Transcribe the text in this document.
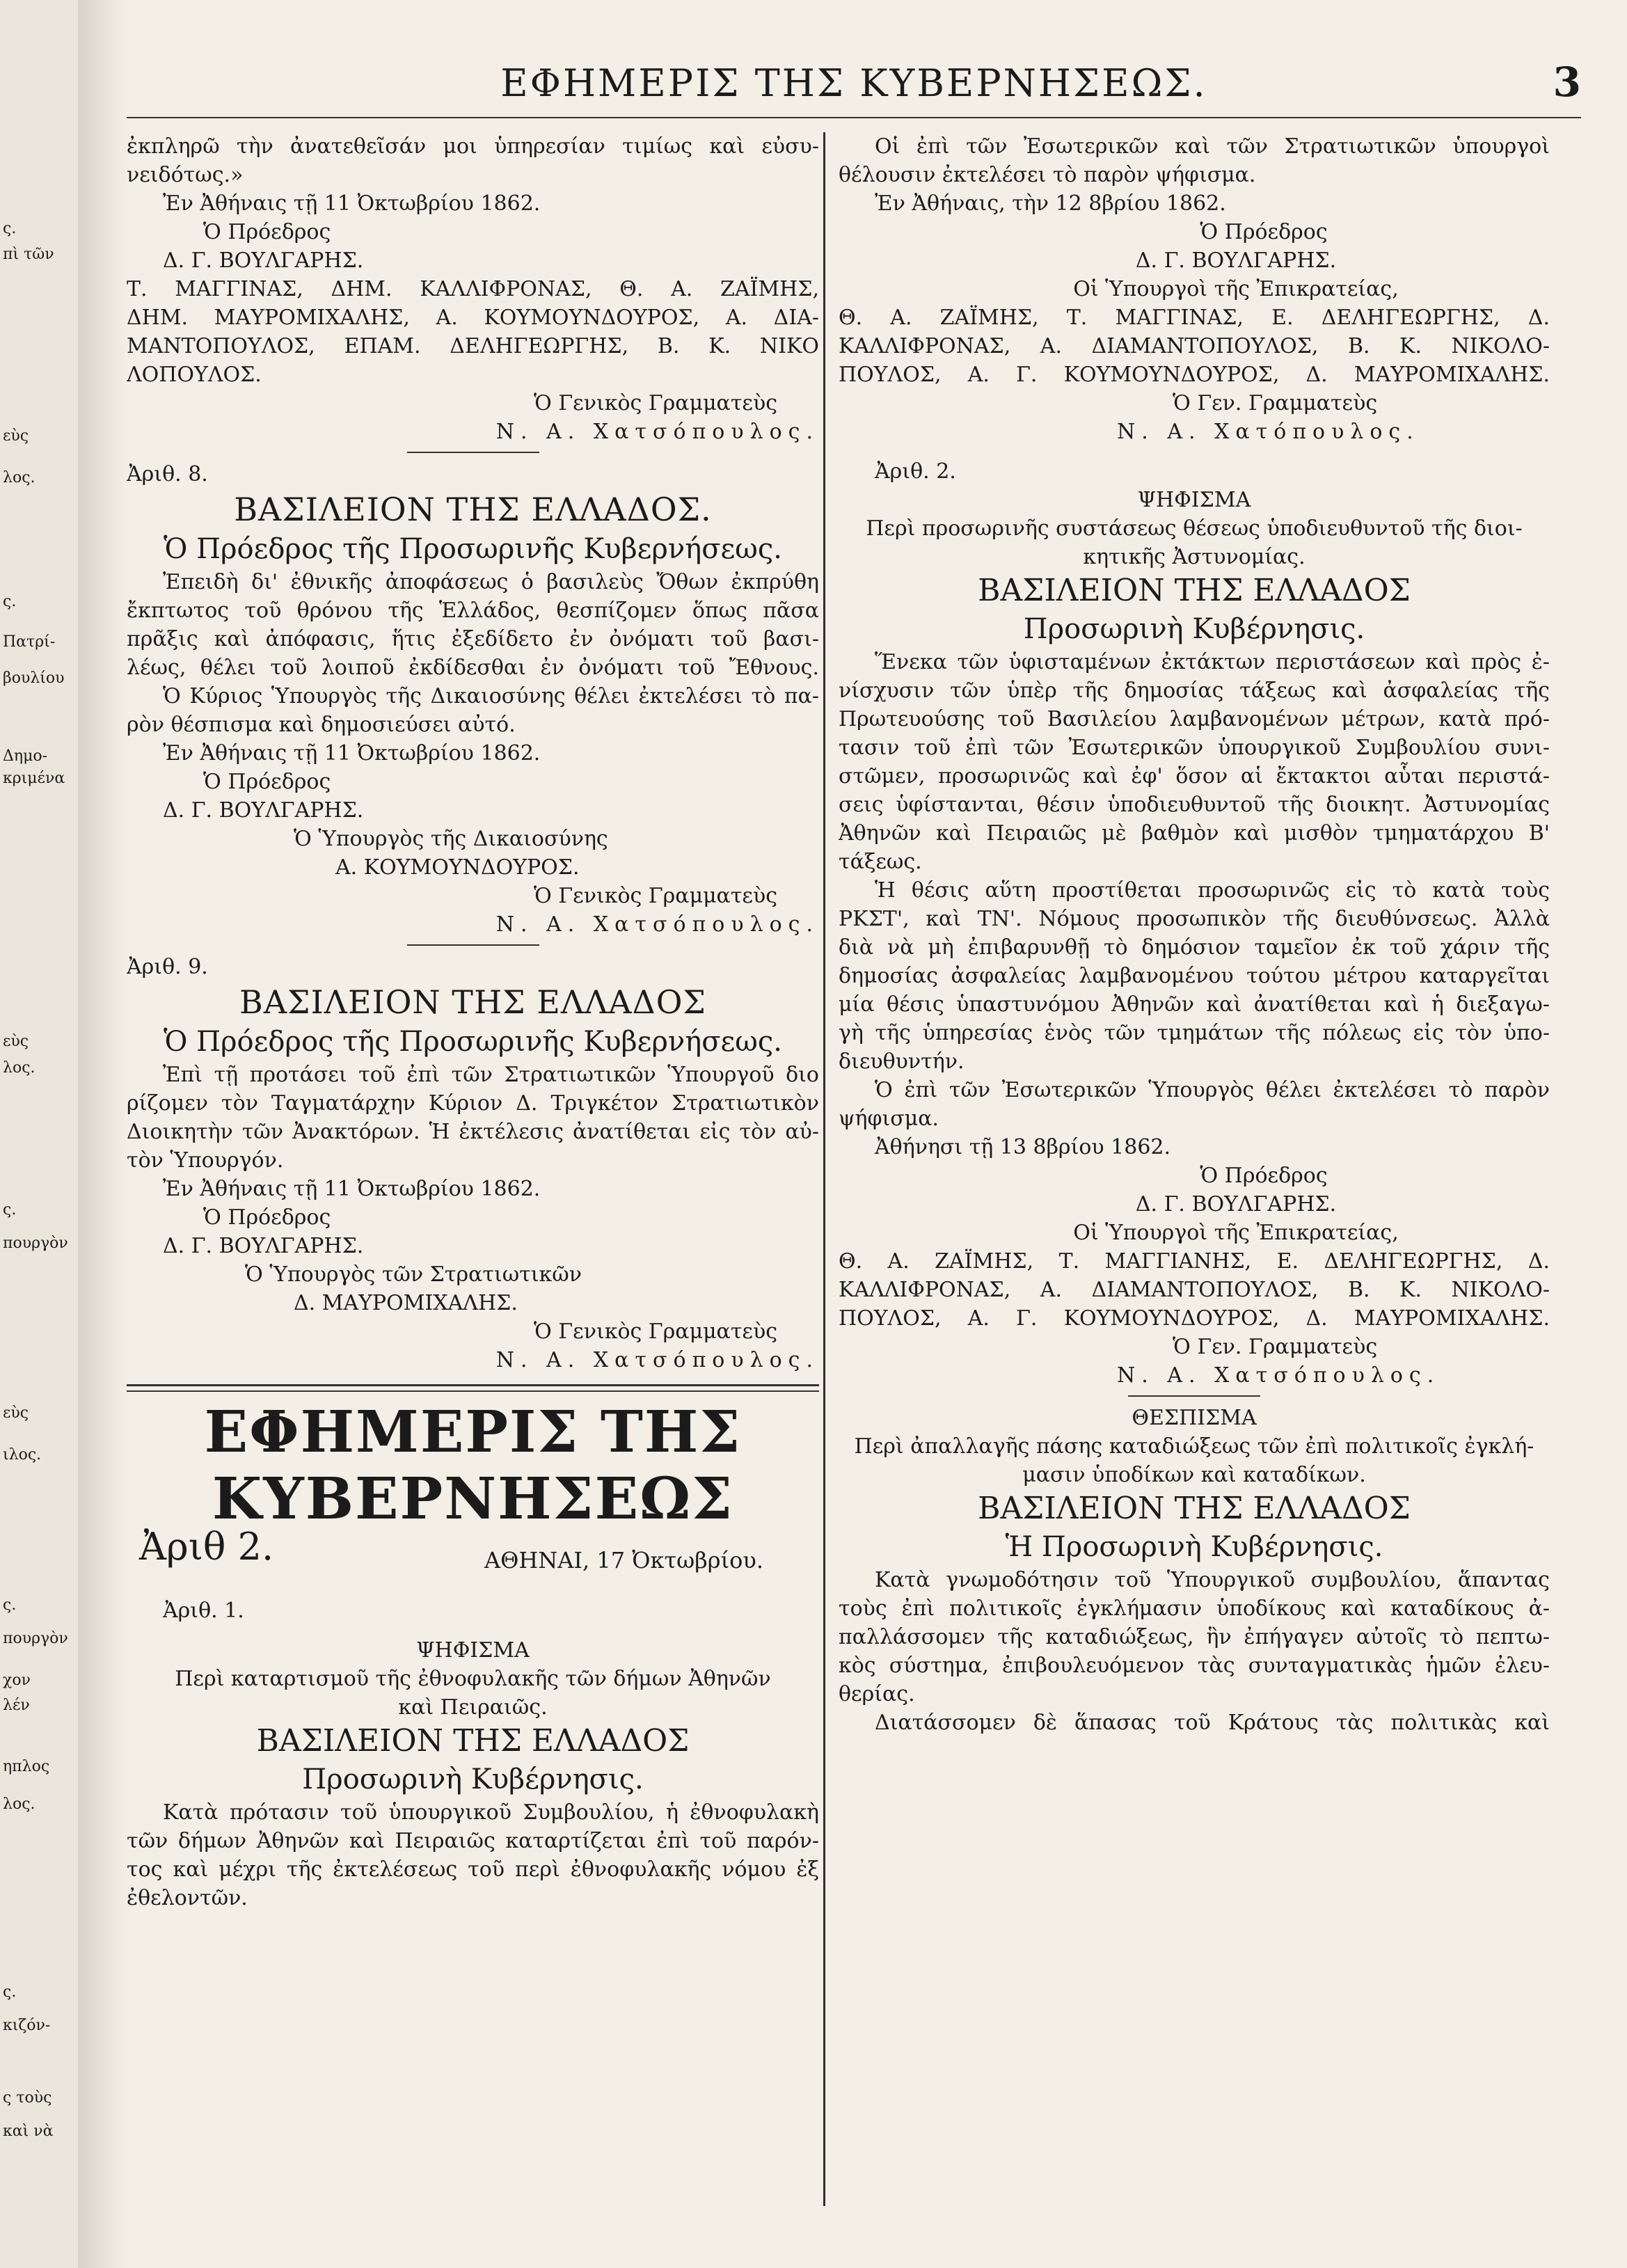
ς.
πὶ τῶν
εὺς
λος.
ς.
Πατρί-
βουλίου
Δημο-
κριμένα
εὺς
λος.
ς.
πουργὸν
εὺς
ιλος.
ς.
πουργὸν
χον
λέν
ηπλος
λος.
ς.
κιζόν-
ς τοὺς
καὶ νὰ
ΕΦΗΜΕΡΙΣ ΤΗΣ ΚΥΒΕΡΝΗΣΕΩΣ.	3
ἐκπληρῶ τὴν ἀνατεθεῖσάν μοι ὑπηρεσίαν τιμίως καὶ εὐσυ-
νειδότως.»
Ἐν Ἀθήναις τῇ 11 Ὀκτωβρίου 1862.
Ὁ Πρόεδρος
Δ. Γ. ΒΟΥΛΓΑΡΗΣ.
Τ. ΜΑΓΓΙΝΑΣ, ΔΗΜ. ΚΑΛΛΙΦΡΟΝΑΣ, Θ. Α. ΖΑΪΜΗΣ,
ΔΗΜ. ΜΑΥΡΟΜΙΧΑΛΗΣ, Α. ΚΟΥΜΟΥΝΔΟΥΡΟΣ, Α. ΔΙΑ-
ΜΑΝΤΟΠΟΥΛΟΣ, ΕΠΑΜ. ΔΕΛΗΓΕΩΡΓΗΣ, Β. Κ. ΝΙΚΟ
ΛΟΠΟΥΛΟΣ.
Ὁ Γενικὸς Γραμματεὺς
Ν. Α. Χατσόπουλος.
Ἀριθ. 8.
ΒΑΣΙΛΕΙΟΝ ΤΗΣ ΕΛΛΑΔΟΣ.
Ὁ Πρόεδρος τῆς Προσωρινῆς Κυβερνήσεως.
Ἐπειδὴ δι' ἐθνικῆς ἀποφάσεως ὁ βασιλεὺς Ὄθων ἐκπρύθη
ἔκπτωτος τοῦ θρόνου τῆς Ἑλλάδος, θεσπίζομεν ὅπως πᾶσα
πρᾶξις καὶ ἀπόφασις, ἥτις ἐξεδίδετο ἐν ὀνόματι τοῦ βασι-
λέως, θέλει τοῦ λοιποῦ ἐκδίδεσθαι ἐν ὀνόματι τοῦ Ἔθνους.
Ὁ Κύριος Ὑπουργὸς τῆς Δικαιοσύνης θέλει ἐκτελέσει τὸ πα-
ρὸν θέσπισμα καὶ δημοσιεύσει αὐτό.
Ἐν Ἀθήναις τῇ 11 Ὀκτωβρίου 1862.
Ὁ Πρόεδρος
Δ. Γ. ΒΟΥΛΓΑΡΗΣ.
Ὁ Ὑπουργὸς τῆς Δικαιοσύνης
Α. ΚΟΥΜΟΥΝΔΟΥΡΟΣ.
Ὁ Γενικὸς Γραμματεὺς
Ν. Α. Χατσόπουλος.
Ἀριθ. 9.
ΒΑΣΙΛΕΙΟΝ ΤΗΣ ΕΛΛΑΔΟΣ
Ὁ Πρόεδρος τῆς Προσωρινῆς Κυβερνήσεως.
Ἐπὶ τῇ προτάσει τοῦ ἐπὶ τῶν Στρατιωτικῶν Ὑπουργοῦ διο
ρίζομεν τὸν Ταγματάρχην Κύριον Δ. Τριγκέτον Στρατιωτικὸν
Διοικητὴν τῶν Ἀνακτόρων. Ἡ ἐκτέλεσις ἀνατίθεται εἰς τὸν αὐ-
τὸν Ὑπουργόν.
Ἐν Ἀθήναις τῇ 11 Ὀκτωβρίου 1862.
Ὁ Πρόεδρος
Δ. Γ. ΒΟΥΛΓΑΡΗΣ.
Ὁ Ὑπουργὸς τῶν Στρατιωτικῶν
Δ. ΜΑΥΡΟΜΙΧΑΛΗΣ.
Ὁ Γενικὸς Γραμματεὺς
Ν. Α. Χατσόπουλος.
ΕΦΗΜΕΡΙΣ ΤΗΣ ΚΥΒΕΡΝΗΣΕΩΣ
Ἀριθ 2.	ΑΘΗΝΑΙ, 17 Ὀκτωβρίου.
Ἀριθ. 1.
ΨΗΦΙΣΜΑ
Περὶ καταρτισμοῦ τῆς ἐθνοφυλακῆς τῶν δήμων Ἀθηνῶν
καὶ Πειραιῶς.
ΒΑΣΙΛΕΙΟΝ ΤΗΣ ΕΛΛΑΔΟΣ
Προσωρινὴ Κυβέρνησις.
Κατὰ πρότασιν τοῦ ὑπουργικοῦ Συμβουλίου, ἡ ἐθνοφυλακὴ
τῶν δήμων Ἀθηνῶν καὶ Πειραιῶς καταρτίζεται ἐπὶ τοῦ παρόν-
τος καὶ μέχρι τῆς ἐκτελέσεως τοῦ περὶ ἐθνοφυλακῆς νόμου ἐξ
ἐθελοντῶν.
Οἱ ἐπὶ τῶν Ἐσωτερικῶν καὶ τῶν Στρατιωτικῶν ὑπουργοὶ
θέλουσιν ἐκτελέσει τὸ παρὸν ψήφισμα.
Ἐν Ἀθήναις, τὴν 12 8βρίου 1862.
Ὁ Πρόεδρος
Δ. Γ. ΒΟΥΛΓΑΡΗΣ.
Οἱ Ὑπουργοὶ τῆς Ἐπικρατείας,
Θ. Α. ΖΑΪΜΗΣ, Τ. ΜΑΓΓΙΝΑΣ, Ε. ΔΕΛΗΓΕΩΡΓΗΣ, Δ.
ΚΑΛΛΙΦΡΟΝΑΣ, Α. ΔΙΑΜΑΝΤΟΠΟΥΛΟΣ, Β. Κ. ΝΙΚΟΛΟ-
ΠΟΥΛΟΣ, Α. Γ. ΚΟΥΜΟΥΝΔΟΥΡΟΣ, Δ. ΜΑΥΡΟΜΙΧΑΛΗΣ.
Ὁ Γεν. Γραμματεὺς
Ν. Α. Χατόπουλος.
Ἀριθ. 2.
ΨΗΦΙΣΜΑ
Περὶ προσωρινῆς συστάσεως θέσεως ὑποδιευθυντοῦ τῆς διοι-
κητικῆς Ἀστυνομίας.
ΒΑΣΙΛΕΙΟΝ ΤΗΣ ΕΛΛΑΔΟΣ
Προσωρινὴ Κυβέρνησις.
Ἕνεκα τῶν ὑφισταμένων ἐκτάκτων περιστάσεων καὶ πρὸς ἐ-
νίσχυσιν τῶν ὑπὲρ τῆς δημοσίας τάξεως καὶ ἀσφαλείας τῆς
Πρωτευούσης τοῦ Βασιλείου λαμβανομένων μέτρων, κατὰ πρό-
τασιν τοῦ ἐπὶ τῶν Ἐσωτερικῶν ὑπουργικοῦ Συμβουλίου συνι-
στῶμεν, προσωρινῶς καὶ ἐφ' ὅσον αἱ ἔκτακτοι αὗται περιστά-
σεις ὑφίστανται, θέσιν ὑποδιευθυντοῦ τῆς διοικητ. Ἀστυνομίας
Ἀθηνῶν καὶ Πειραιῶς μὲ βαθμὸν καὶ μισθὸν τμηματάρχου Β'
τάξεως.
Ἡ θέσις αὕτη προστίθεται προσωρινῶς εἰς τὸ κατὰ τοὺς
ΡΚΣΤ', καὶ ΤΝ'. Νόμους προσωπικὸν τῆς διευθύνσεως. Ἀλλὰ
διὰ νὰ μὴ ἐπιβαρυνθῇ τὸ δημόσιον ταμεῖον ἐκ τοῦ χάριν τῆς
δημοσίας ἀσφαλείας λαμβανομένου τούτου μέτρου καταργεῖται
μία θέσις ὑπαστυνόμου Ἀθηνῶν καὶ ἀνατίθεται καὶ ἡ διεξαγω-
γὴ τῆς ὑπηρεσίας ἑνὸς τῶν τμημάτων τῆς πόλεως εἰς τὸν ὑπο-
διευθυντήν.
Ὁ ἐπὶ τῶν Ἐσωτερικῶν Ὑπουργὸς θέλει ἐκτελέσει τὸ παρὸν
ψήφισμα.
Ἀθήνησι τῇ 13 8βρίου 1862.
Ὁ Πρόεδρος
Δ. Γ. ΒΟΥΛΓΑΡΗΣ.
Οἱ Ὑπουργοὶ τῆς Ἐπικρατείας,
Θ. Α. ΖΑΪΜΗΣ, Τ. ΜΑΓΓΙΑΝΗΣ, Ε. ΔΕΛΗΓΕΩΡΓΗΣ, Δ.
ΚΑΛΛΙΦΡΟΝΑΣ, Α. ΔΙΑΜΑΝΤΟΠΟΥΛΟΣ, Β. Κ. ΝΙΚΟΛΟ-
ΠΟΥΛΟΣ, Α. Γ. ΚΟΥΜΟΥΝΔΟΥΡΟΣ, Δ. ΜΑΥΡΟΜΙΧΑΛΗΣ.
Ὁ Γεν. Γραμματεὺς
Ν. Α. Χατσόπουλος.
ΘΕΣΠΙΣΜΑ
Περὶ ἀπαλλαγῆς πάσης καταδιώξεως τῶν ἐπὶ πολιτικοῖς ἐγκλή-
μασιν ὑποδίκων καὶ καταδίκων.
ΒΑΣΙΛΕΙΟΝ ΤΗΣ ΕΛΛΑΔΟΣ
Ἡ Προσωρινὴ Κυβέρνησις.
Κατὰ γνωμοδότησιν τοῦ Ὑπουργικοῦ συμβουλίου, ἅπαντας
τοὺς ἐπὶ πολιτικοῖς ἐγκλήμασιν ὑποδίκους καὶ καταδίκους ἀ-
παλλάσσομεν τῆς καταδιώξεως, ἣν ἐπήγαγεν αὐτοῖς τὸ πεπτω-
κὸς σύστημα, ἐπιβουλευόμενον τὰς συνταγματικὰς ἡμῶν ἐλευ-
θερίας.
Διατάσσομεν δὲ ἅπασας τοῦ Κράτους τὰς πολιτικὰς καὶ
